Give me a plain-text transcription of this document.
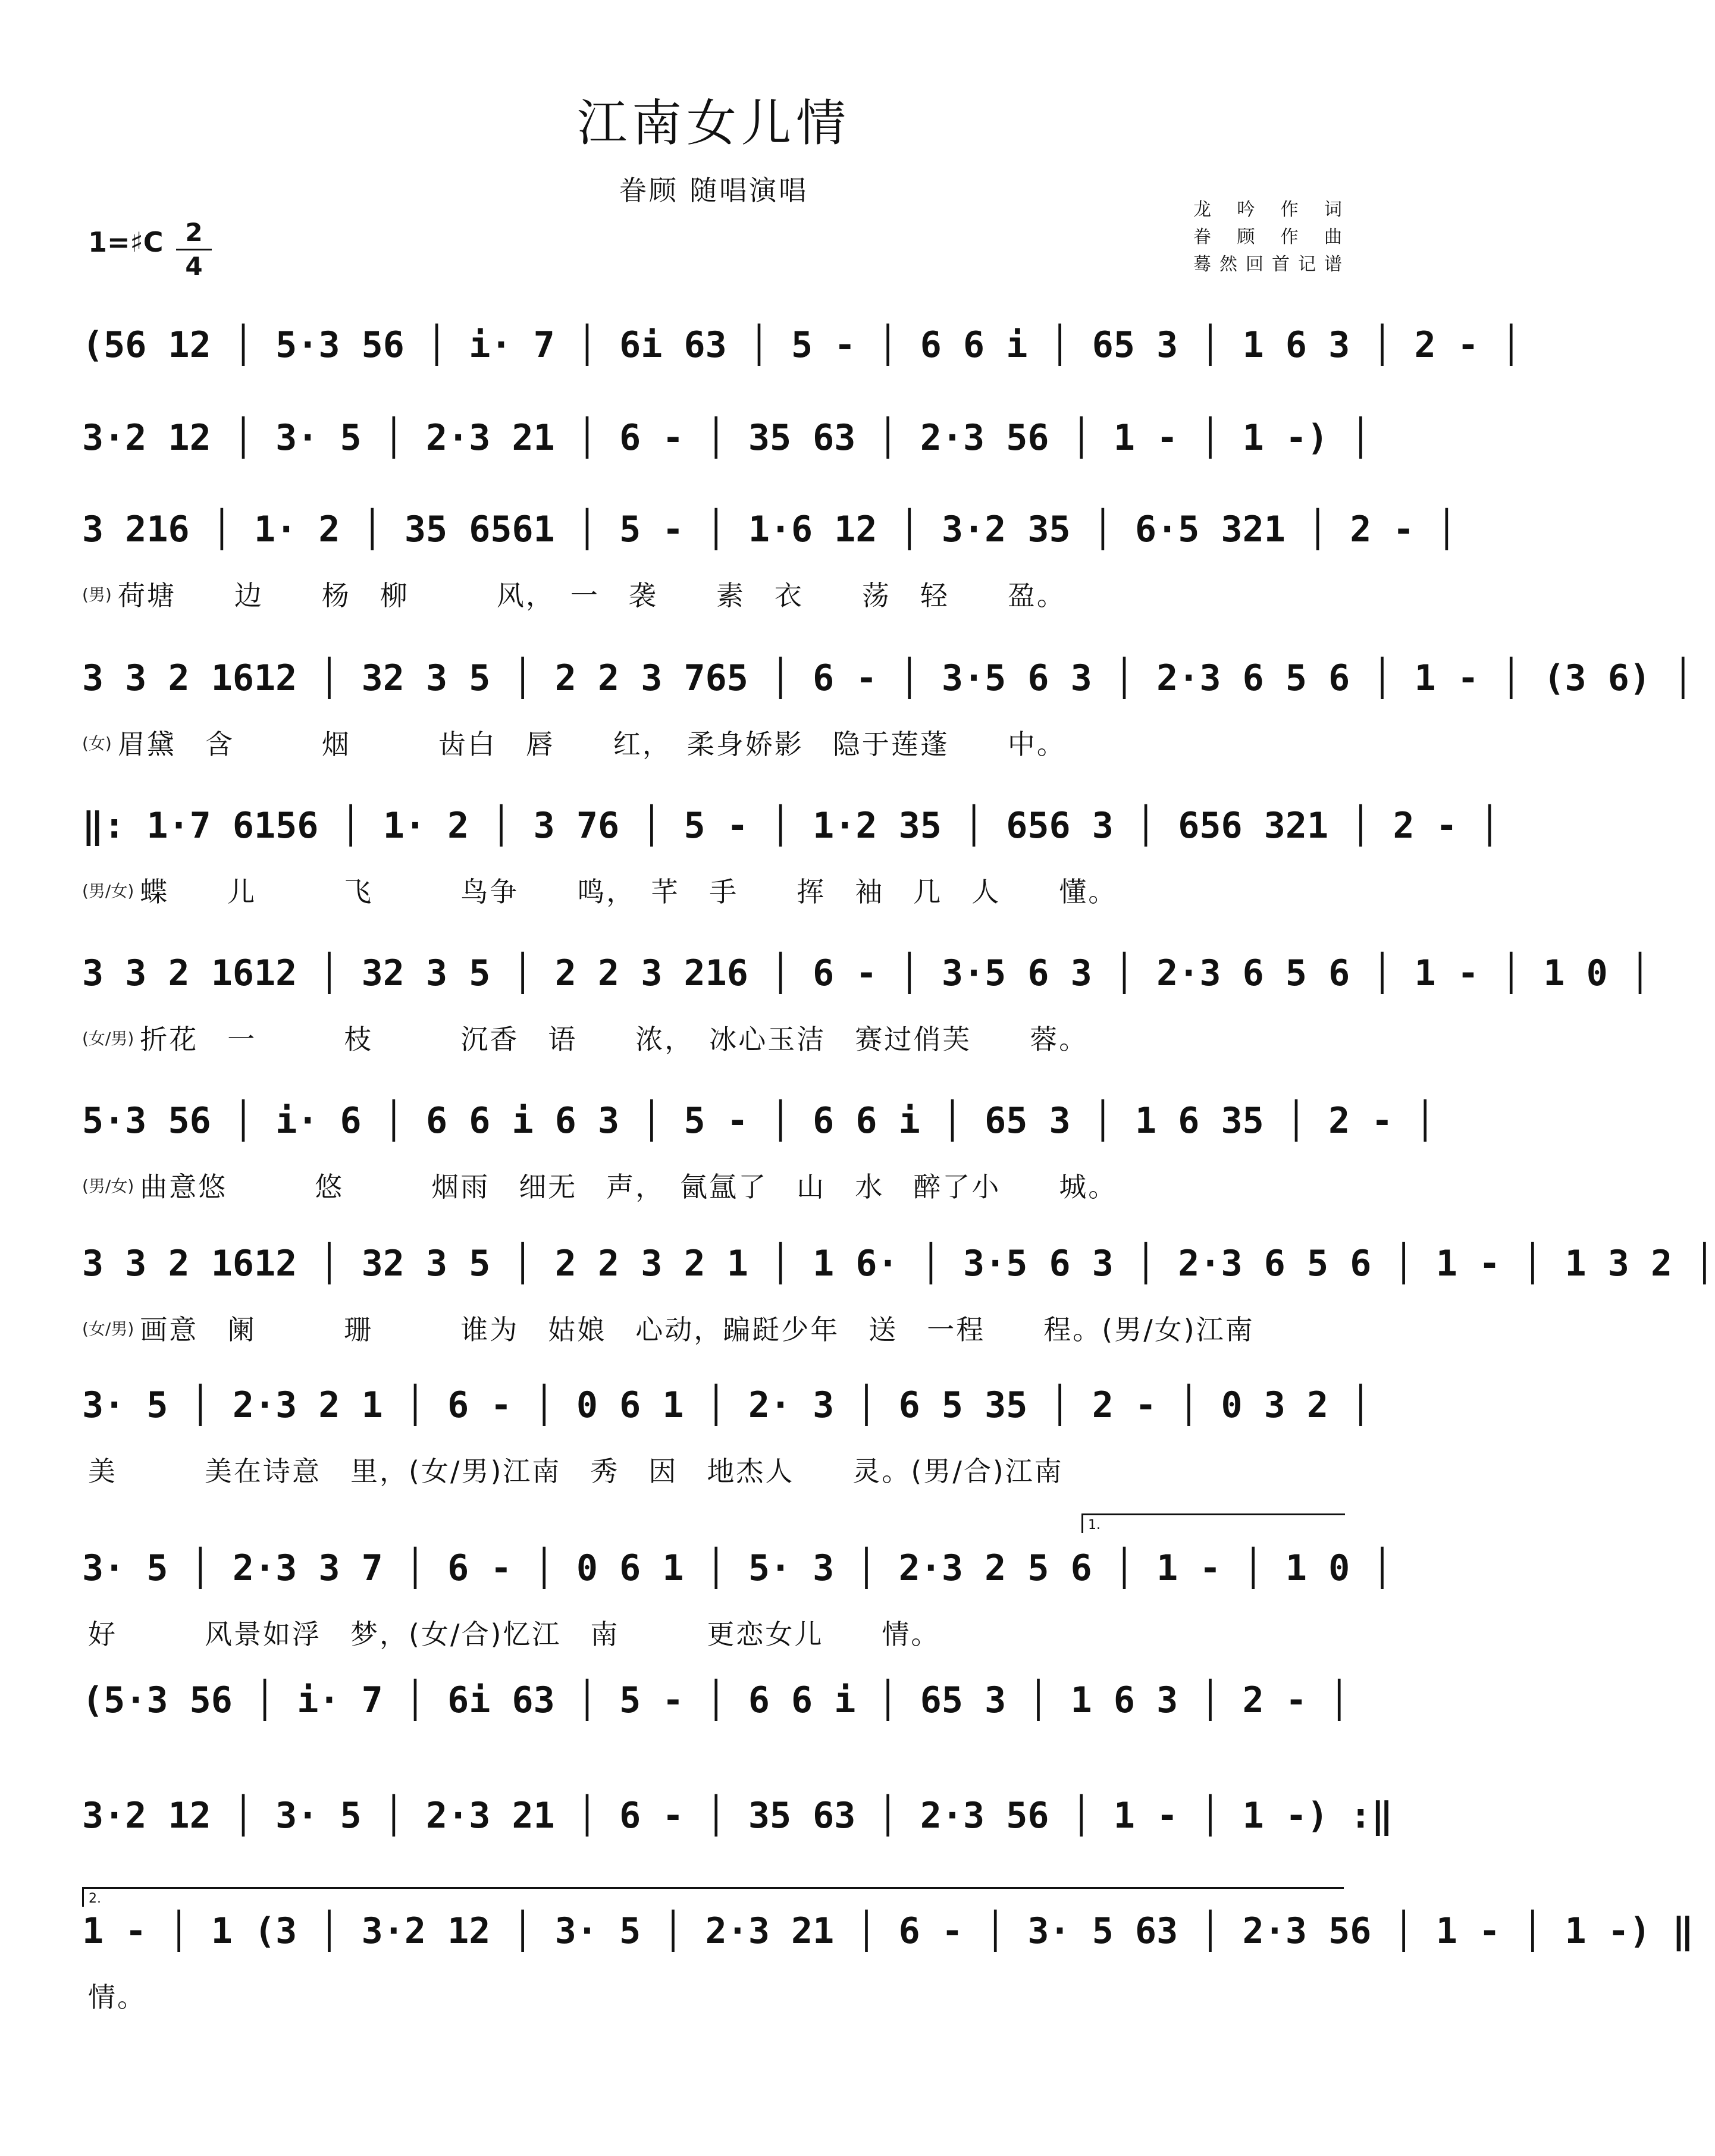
江南女儿情
眷顾 随唱演唱
龙 吟 作 词
眷 顾 作 曲
蓦然回首记谱
1=♯C 2
4
(56 12 │ 5·3 56 │ i· 7 │ 6i 63 │ 5 - │ 6 6 i │ 65 3 │ 1 6 3 │ 2 - │
3·2 12 │ 3· 5 │ 2·3 21 │ 6 - │ 35 63 │ 2·3 56 │ 1 - │ 1 -) │
3 216 │ 1· 2 │ 35 6561 │ 5 - │ 1·6 12 │ 3·2 35 │ 6·5 321 │ 2 - │
(男) 荷塘　　边　　杨　柳　　　风，　一　袭　　素　衣　　荡　轻　　盈。
3 3 2 1612 │ 32 3 5 │ 2 2 3 765 │ 6 - │ 3·5 6 3 │ 2·3 6 5 6 │ 1 - │ (3 6) │
(女) 眉黛　含　　　烟　　　齿白　唇　　红，　柔身娇影　隐于莲蓬　　中。
‖: 1·7 6156 │ 1· 2 │ 3 76 │ 5 - │ 1·2 35 │ 656 3 │ 656 321 │ 2 - │
(男/女) 蝶　　儿　　　飞　　　鸟争　　鸣，　芊　手　　挥　袖　几　人　　懂。
3 3 2 1612 │ 32 3 5 │ 2 2 3 216 │ 6 - │ 3·5 6 3 │ 2·3 6 5 6 │ 1 - │ 1 0 │
(女/男) 折花　一　　　枝　　　沉香　语　　浓，　冰心玉洁　赛过俏芙　　蓉。
5·3 56 │ i· 6 │ 6 6 i 6 3 │ 5 - │ 6 6 i │ 65 3 │ 1 6 35 │ 2 - │
(男/女) 曲意悠　　　悠　　　烟雨　细无　声，　氤氲了　山　水　醉了小　　城。
3 3 2 1612 │ 32 3 5 │ 2 2 3 2 1 │ 1 6· │ 3·5 6 3 │ 2·3 6 5 6 │ 1 - │ 1 3 2 │
(女/男) 画意　阑　　　珊　　　谁为　姑娘　心动，蹁跹少年　送　一程　　程。(男/女)江南
3· 5 │ 2·3 2 1 │ 6 - │ 0 6 1 │ 2· 3 │ 6 5 35 │ 2 - │ 0 3 2 │
美　　　美在诗意　里，(女/男)江南　秀　因　地杰人　　灵。(男/合)江南
1.
3· 5 │ 2·3 3 7 │ 6 - │ 0 6 1 │ 5· 3 │ 2·3 2 5 6 │ 1 - │ 1 0 │
好　　　风景如浮　梦，(女/合)忆江　南　　　更恋女儿　　情。
(5·3 56 │ i· 7 │ 6i 63 │ 5 - │ 6 6 i │ 65 3 │ 1 6 3 │ 2 - │
3·2 12 │ 3· 5 │ 2·3 21 │ 6 - │ 35 63 │ 2·3 56 │ 1 - │ 1 -) :‖
2.
1 - │ 1 (3 │ 3·2 12 │ 3· 5 │ 2·3 21 │ 6 - │ 3· 5 63 │ 2·3 56 │ 1 - │ 1 -) ‖
情。
